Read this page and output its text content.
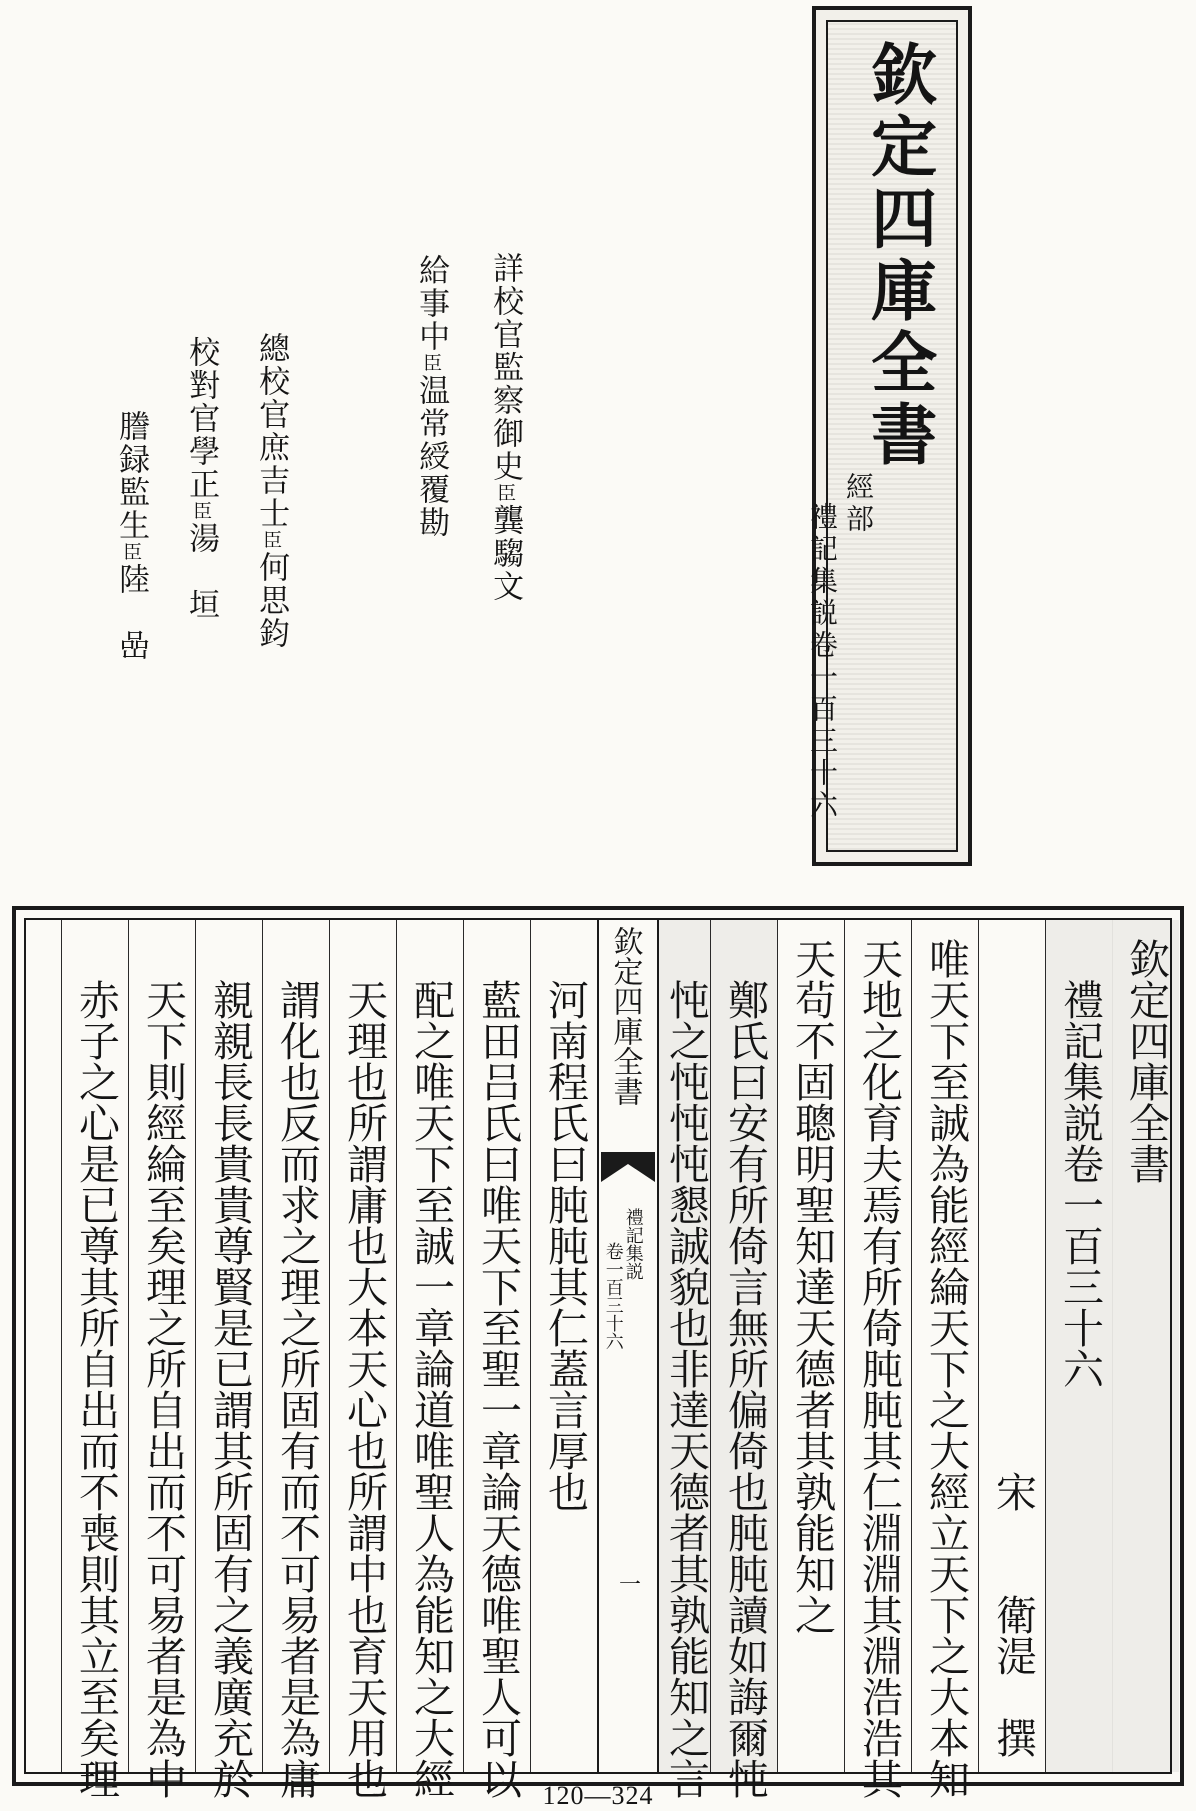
欽定四庫全書
經部
禮記集説卷一百三十六
詳校官監察御史臣龔騶文
給事中臣温常綬覆勘
總校官庶吉士臣何思鈞
校對官學正臣湯　垣
謄録監生臣陸　嵒
欽定四庫全書
　禮記集説卷一百三十六
　　　　　　　　　　　　　宋　　衛湜　撰
唯天下至誠為能經綸天下之大經立天下之大本知
天地之化育夫焉有所倚肫肫其仁淵淵其淵浩浩其
天茍不固聰明聖知達天德者其孰能知之
　鄭氏曰安有所倚言無所偏倚也肫肫讀如誨爾忳
　忳之忳忳忳懇誠貌也非達天德者其孰能知之言
欽定四庫全書
禮記集説
卷一百三十六
一
　河南程氏曰肫肫其仁蓋言厚也
　藍田吕氏曰唯天下至聖一章論天德唯聖人可以
　配之唯天下至誠一章論道唯聖人為能知之大經
　天理也所謂庸也大本天心也所謂中也育天用也
　謂化也反而求之理之所固有而不可易者是為庸
　親親長長貴貴尊賢是已謂其所固有之義廣充於
　天下則經綸至矣理之所自出而不可易者是為中
　赤子之心是已尊其所自出而不喪則其立至矣理	120—324
